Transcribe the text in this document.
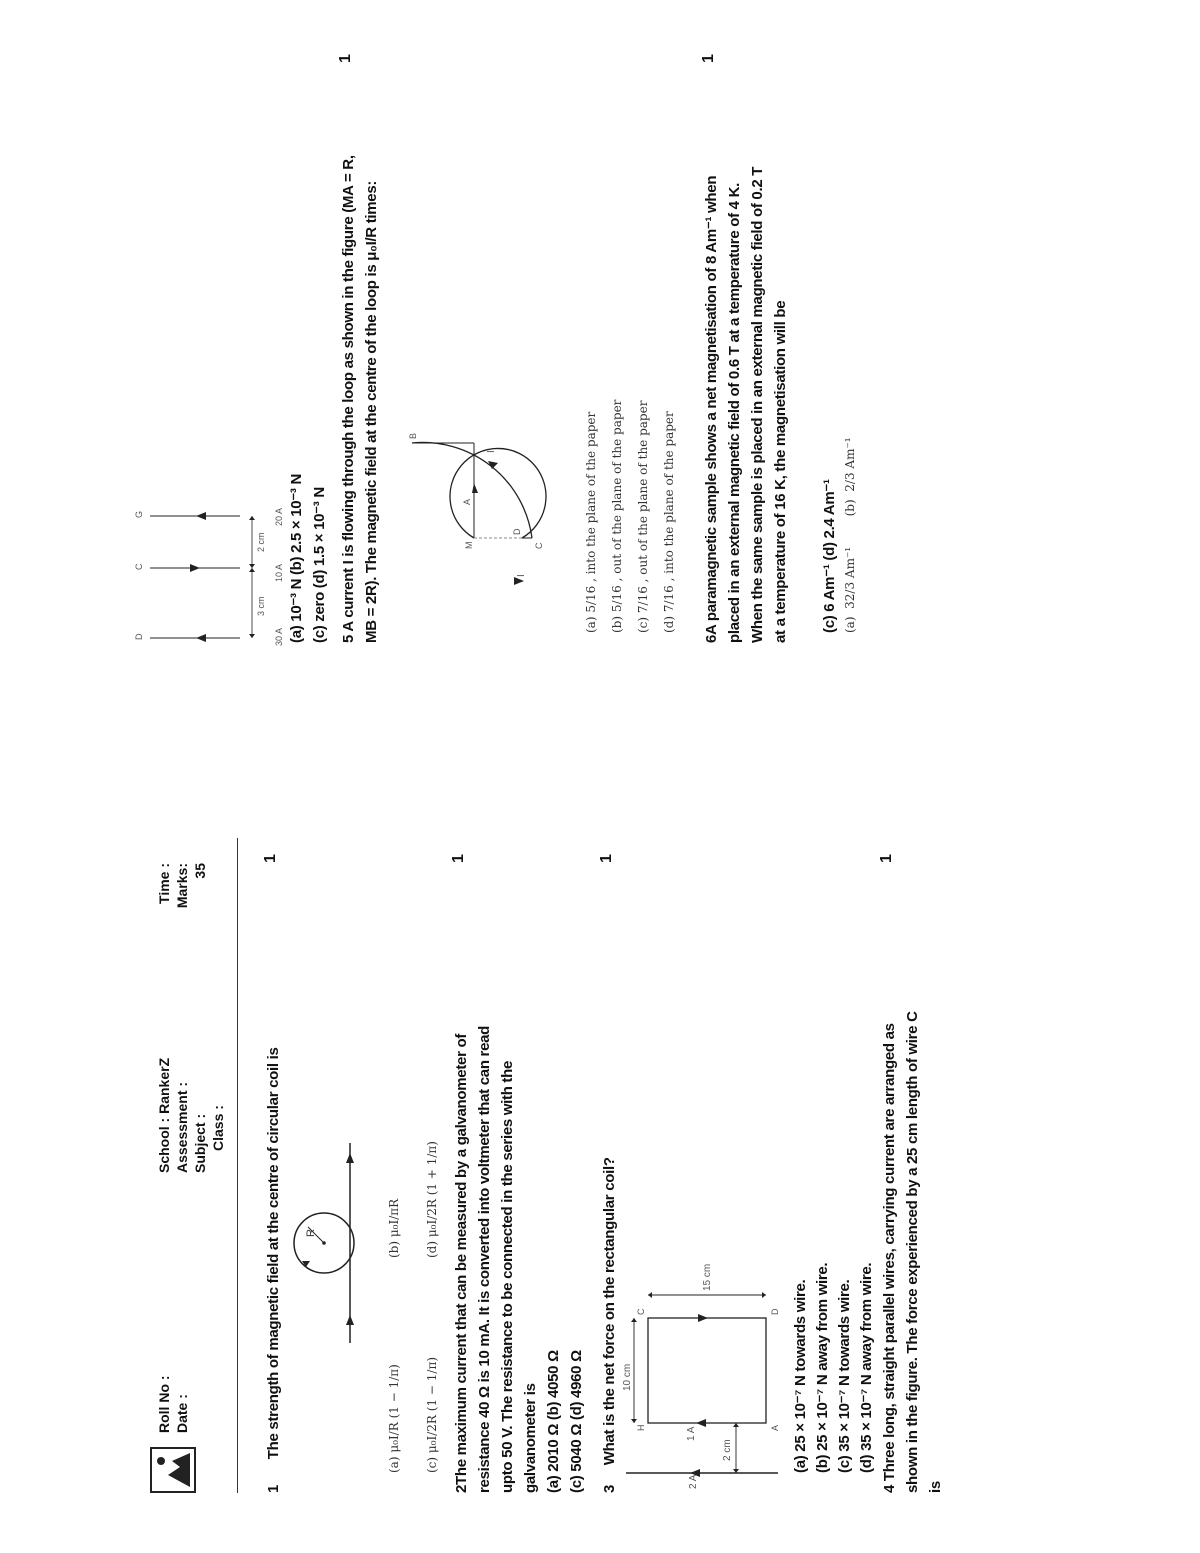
Roll No : Date :
School : RankerZ Assessment : Subject : Class :
Time : Marks: 35
1  The strength of magnetic field at the centre of circular coil is
1
R
(a) μ₀I/R (1 − 1/π)
(b) μ₀I/πR
(c) μ₀I/2R (1 − 1/π)
(d) μ₀I/2R (1 + 1/π) 2The maximum current that can be measured by a galvanometer of resistance 40 Ω is 10 mA. It is converted into voltmeter that can read upto 50 V. The resistance to be connected in the series with the galvanometer is (a) 2010 Ω (b) 4050 Ω (c) 5040 Ω (d) 4960 Ω
1
3  What is the net force on the rectangular coil?
1
2 A
1 A
10 cm
15 cm
2 cm
H	A
C	D (a) 25 × 10⁻⁷ N towards wire. (b) 25 × 10⁻⁷ N away from wire. (c) 35 × 10⁻⁷ N towards wire. (d) 35 × 10⁻⁷ N away from wire. 4 Three long, straight parallel wires, carrying current are arranged as shown in the figure. The force experienced by a 25 cm length of wire C is
1
D
C
G
3 cm
2 cm
30 A
10 A
20 A (a) 10⁻³ N (b) 2.5 × 10⁻³ N (c) zero (d) 1.5 × 10⁻³ N 5 A current I is flowing through the loop as shown in the figure (MA = R, MB = 2R). The magnetic field at the centre of the loop is μ₀I/R times:
1
I
I
M
A
B
C
D	(a) 5/16 , into the plane of the paper	(b) 5/16 , out of the plane of the paper	(c) 7/16 , out of the plane of the paper	(d) 7/16 , into the plane of the paper	6A paramagnetic sample shows a net magnetisation of 8 Am⁻¹ when placed in an external magnetic field of 0.6 T at a temperature of 4 K. When the same sample is placed in an external magnetic field of 0.2 T at a temperature of 16 K, the magnetisation will be
1

(a)  32/3 Am⁻¹        (b)  2/3 Am⁻¹

(c) 6 Am⁻¹ (d) 2.4 Am⁻¹
